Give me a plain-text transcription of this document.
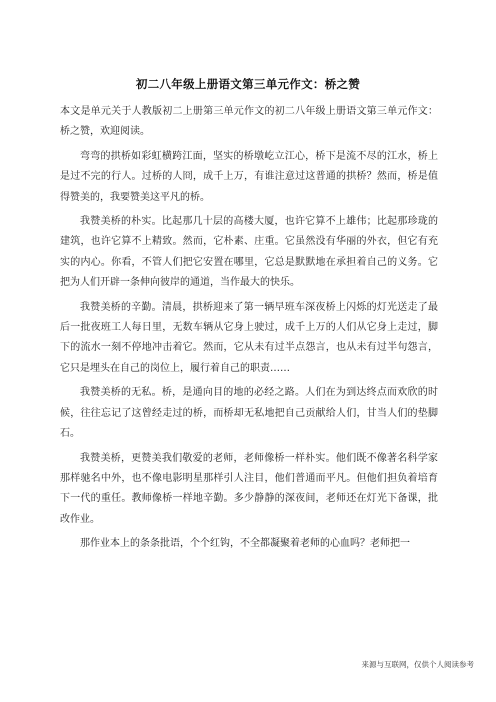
初二八年级上册语文第三单元作文：桥之赞

本文是单元关于人教版初二上册第三单元作文的初二八年级上册语文第三单元作文：桥之赞，欢迎阅读。

弯弯的拱桥如彩虹横跨江面，坚实的桥墩屹立江心，桥下是流不尽的江水，桥上是过不完的行人。过桥的人冏，成千上万，有谁注意过这普通的拱桥？然而，桥是值得赞美的，我要赞美这平凡的桥。

我赞美桥的朴实。比起那几十层的高楼大厦，也许它算不上雄伟；比起那珍珑的建筑，也许它算不上精致。然而，它朴素、庄重。它虽然没有华丽的外衣，但它有充实的内心。你看，不管人们把它安置在哪里，它总是默默地在承担着自己的义务。它把为人们开辟一条伸向彼岸的通道，当作最大的快乐。

我赞美桥的辛勤。清晨，拱桥迎来了第一辆早班车深夜桥上闪烁的灯光送走了最后一批夜班工人每日里，无数车辆从它身上驶过，成千上万的人们从它身上走过，脚下的流水一刻不停地冲击着它。然而，它从未有过半点怨言，也从未有过半句怨言，它只是埋头在自己的岗位上，履行着自己的职责……

我赞美桥的无私。桥，是通向目的地的必经之路。人们在为到达终点而欢欣的时候，往往忘记了这曾经走过的桥，而桥却无私地把自己贡献给人们，甘当人们的垫脚石。

我赞美桥，更赞美我们敬爱的老师，老师像桥一样朴实。他们既不像著名科学家那样驰名中外，也不像电影明星那样引人注目，他们普通而平凡。但他们担负着培育下一代的重任。教师像桥一样地辛勤。多少静静的深夜间，老师还在灯光下备课，批改作业。

那作业本上的条条批语，个个红钩，不全都凝聚着老师的心血吗？老师把一

来源与互联网，仅供个人阅读参考
